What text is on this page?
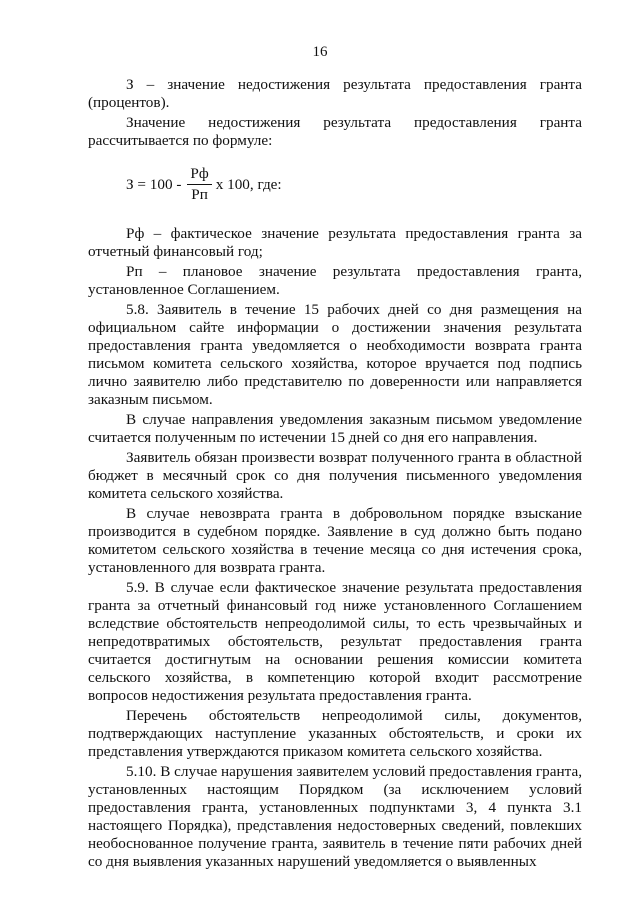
16

З – значение недостижения результата предоставления гранта (процентов).

Значение недостижения результата предоставления гранта рассчитывается по формуле:

$З = 100 - \frac{Рф}{Рп}$ х 100, где:

Рф – фактическое значение результата предоставления гранта за отчетный финансовый год;

Рп – плановое значение результата предоставления гранта, установленное Соглашением.

5.8. Заявитель в течение 15 рабочих дней со дня размещения на официальном сайте информации о достижении значения результата предоставления гранта уведомляется о необходимости возврата гранта письмом комитета сельского хозяйства, которое вручается под подпись лично заявителю либо представителю по доверенности или направляется заказным письмом.

В случае направления уведомления заказным письмом уведомление считается полученным по истечении 15 дней со дня его направления.

Заявитель обязан произвести возврат полученного гранта в областной бюджет в месячный срок со дня получения письменного уведомления комитета сельского хозяйства.

В случае невозврата гранта в добровольном порядке взыскание производится в судебном порядке. Заявление в суд должно быть подано комитетом сельского хозяйства в течение месяца со дня истечения срока, установленного для возврата гранта.

5.9. В случае если фактическое значение результата предоставления гранта за отчетный финансовый год ниже установленного Соглашением вследствие обстоятельств непреодолимой силы, то есть чрезвычайных и непредотвратимых обстоятельств, результат предоставления гранта считается достигнутым на основании решения комиссии комитета сельского хозяйства, в компетенцию которой входит рассмотрение вопросов недостижения результата предоставления гранта.

Перечень обстоятельств непреодолимой силы, документов, подтверждающих наступление указанных обстоятельств, и сроки их представления утверждаются приказом комитета сельского хозяйства.

5.10. В случае нарушения заявителем условий предоставления гранта, установленных настоящим Порядком (за исключением условий предоставления гранта, установленных подпунктами 3, 4 пункта 3.1 настоящего Порядка), представления недостоверных сведений, повлекших необоснованное получение гранта, заявитель в течение пяти рабочих дней со дня выявления указанных нарушений уведомляется о выявленных
